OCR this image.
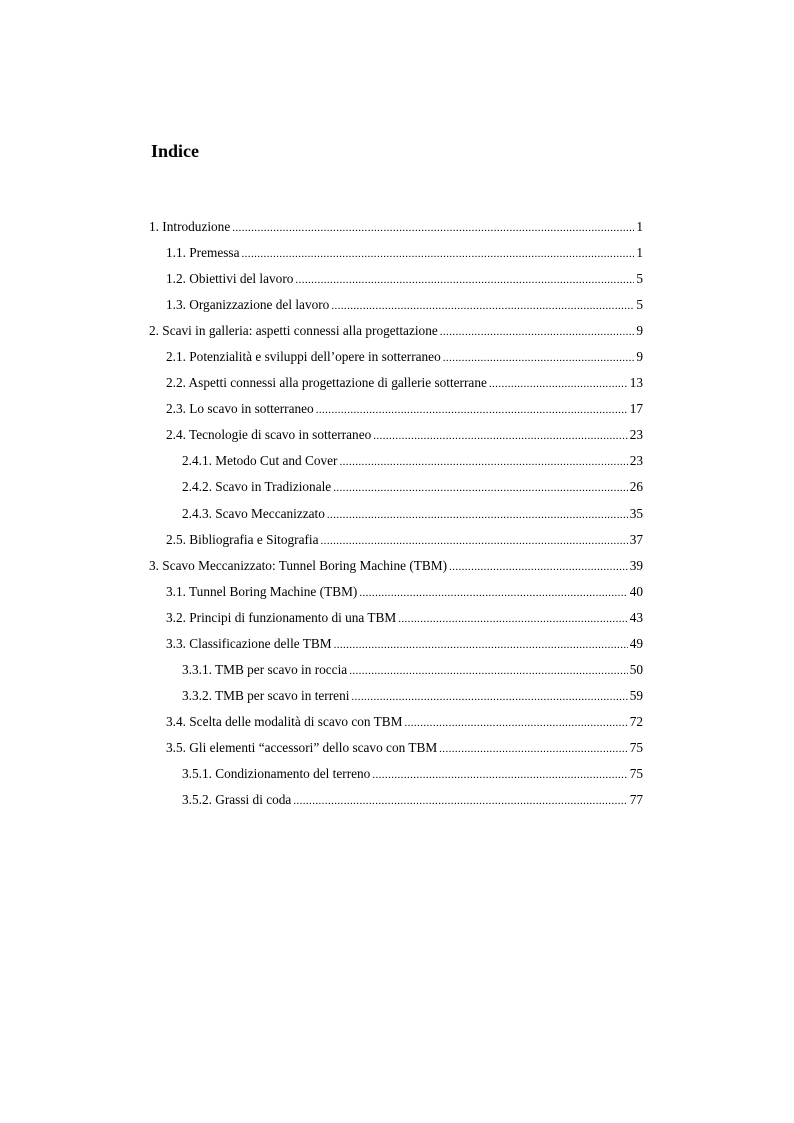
Indice
1. Introduzione .....	1
1.1. Premessa .....	1
1.2. Obiettivi del lavoro .....	5
1.3. Organizzazione del lavoro .....	5
2. Scavi in galleria: aspetti connessi alla progettazione .....	9
2.1. Potenzialità e sviluppi dell’opere in sotterraneo .....	9
2.2. Aspetti connessi alla progettazione di gallerie sotterrane .....	13
2.3. Lo scavo in sotterraneo .....	17
2.4. Tecnologie di scavo in sotterraneo .....	23
2.4.1. Metodo Cut and Cover .....	23
2.4.2. Scavo in Tradizionale .....	26
2.4.3. Scavo Meccanizzato .....	35
2.5. Bibliografia e Sitografia .....	37
3. Scavo Meccanizzato: Tunnel Boring Machine (TBM) .....	39
3.1. Tunnel Boring Machine (TBM) .....	40
3.2. Principi di funzionamento di una TBM .....	43
3.3. Classificazione delle TBM .....	49
3.3.1. TMB per scavo in roccia .....	50
3.3.2. TMB per scavo in terreni .....	59
3.4. Scelta delle modalità di scavo con TBM .....	72
3.5. Gli elementi “accessori” dello scavo con TBM .....	75
3.5.1. Condizionamento del terreno .....	75
3.5.2. Grassi di coda .....	77
